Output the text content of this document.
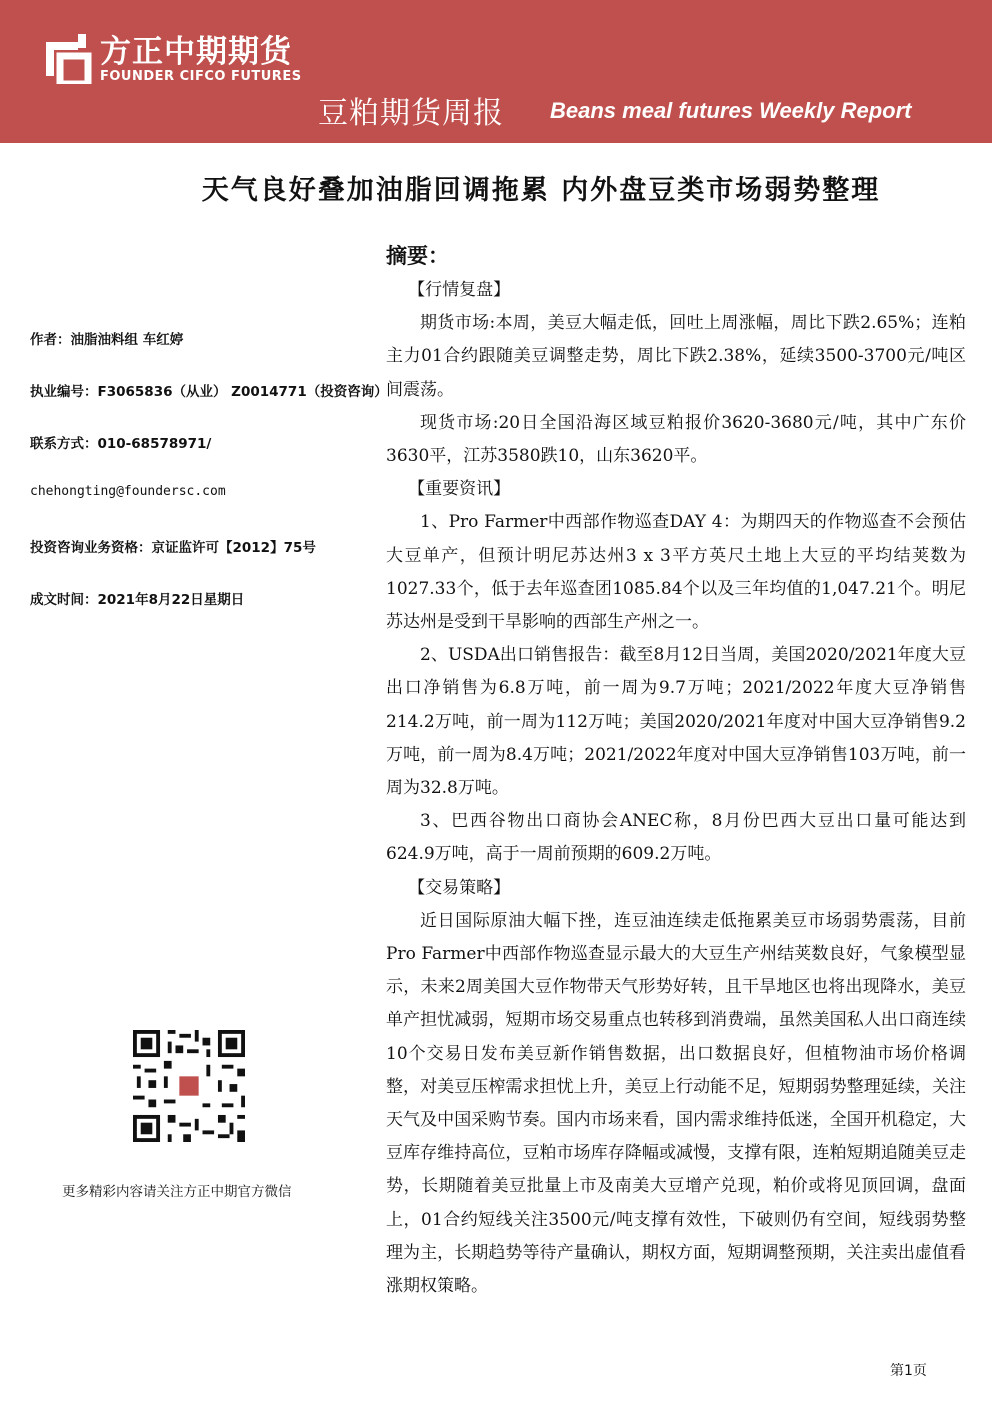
方正中期期货
FOUNDER CIFCO FUTURES
豆粕期货周报 Beans meal futures Weekly Report
天气良好叠加油脂回调拖累 内外盘豆类市场弱势整理
作者：油脂油料组 车红婷
执业编号：F3065836（从业） Z0014771（投资咨询）
联系方式：010-68578971/
chehongting@foundersc.com
投资咨询业务资格：京证监许可【2012】75号
成文时间：2021年8月22日星期日
更多精彩内容请关注方正中期官方微信
摘要：

【行情复盘】

期货市场:本周，美豆大幅走低，回吐上周涨幅，周比下跌2.65%；连粕主力01合约跟随美豆调整走势，周比下跌2.38%，延续3500-3700元/吨区间震荡。

现货市场:20日全国沿海区域豆粕报价3620-3680元/吨，其中广东价3630平，江苏3580跌10，山东3620平。

【重要资讯】

1、Pro Farmer中西部作物巡查DAY 4：为期四天的作物巡查不会预估大豆单产，但预计明尼苏达州3 x 3平方英尺土地上大豆的平均结荚数为1027.33个，低于去年巡查团1085.84个以及三年均值的1,047.21个。明尼苏达州是受到干旱影响的西部生产州之一。

2、USDA出口销售报告：截至8月12日当周，美国2020/2021年度大豆出口净销售为6.8万吨，前一周为9.7万吨；2021/2022年度大豆净销售214.2万吨，前一周为112万吨；美国2020/2021年度对中国大豆净销售9.2万吨，前一周为8.4万吨；2021/2022年度对中国大豆净销售103万吨，前一周为32.8万吨。

3、巴西谷物出口商协会ANEC称，8月份巴西大豆出口量可能达到624.9万吨，高于一周前预期的609.2万吨。

【交易策略】

近日国际原油大幅下挫，连豆油连续走低拖累美豆市场弱势震荡，目前Pro Farmer中西部作物巡查显示最大的大豆生产州结荚数良好，气象模型显示，未来2周美国大豆作物带天气形势好转，且干旱地区也将出现降水，美豆单产担忧减弱，短期市场交易重点也转移到消费端，虽然美国私人出口商连续10个交易日发布美豆新作销售数据，出口数据良好，但植物油市场价格调整，对美豆压榨需求担忧上升，美豆上行动能不足，短期弱势整理延续，关注天气及中国采购节奏。国内市场来看，国内需求维持低迷，全国开机稳定，大豆库存维持高位，豆粕市场库存降幅或减慢，支撑有限，连粕短期追随美豆走势，长期随着美豆批量上市及南美大豆增产兑现，粕价或将见顶回调，盘面上，01合约短线关注3500元/吨支撑有效性，下破则仍有空间，短线弱势整理为主，长期趋势等待产量确认，期权方面，短期调整预期，关注卖出虚值看涨期权策略。

第1页
